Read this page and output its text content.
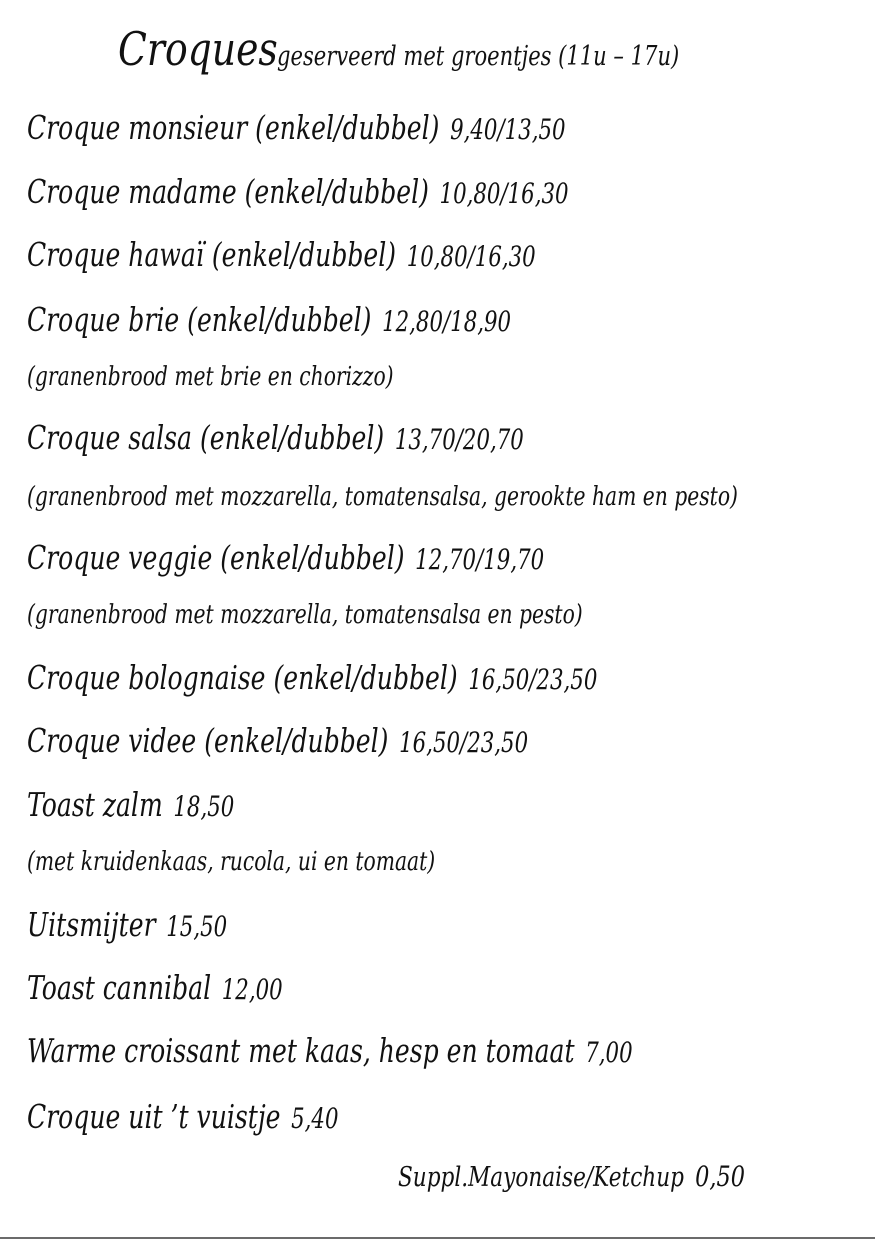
Croques geserveerd met groentjes (11u – 17u)
Croque monsieur (enkel/dubbel) 9,40/13,50
Croque madame (enkel/dubbel) 10,80/16,30
Croque hawaï (enkel/dubbel) 10,80/16,30
Croque brie (enkel/dubbel) 12,80/18,90
(granenbrood met brie en chorizzo)
Croque salsa (enkel/dubbel) 13,70/20,70
(granenbrood met mozzarella, tomatensalsa, gerookte ham en pesto)
Croque veggie (enkel/dubbel) 12,70/19,70
(granenbrood met mozzarella, tomatensalsa en pesto)
Croque bolognaise (enkel/dubbel) 16,50/23,50
Croque videe (enkel/dubbel) 16,50/23,50
Toast zalm 18,50
(met kruidenkaas, rucola, ui en tomaat)
Uitsmijter 15,50
Toast cannibal 12,00
Warme croissant met kaas, hesp en tomaat 7,00
Croque uit ’t vuistje 5,40
Suppl.Mayonaise/Ketchup 0,50
